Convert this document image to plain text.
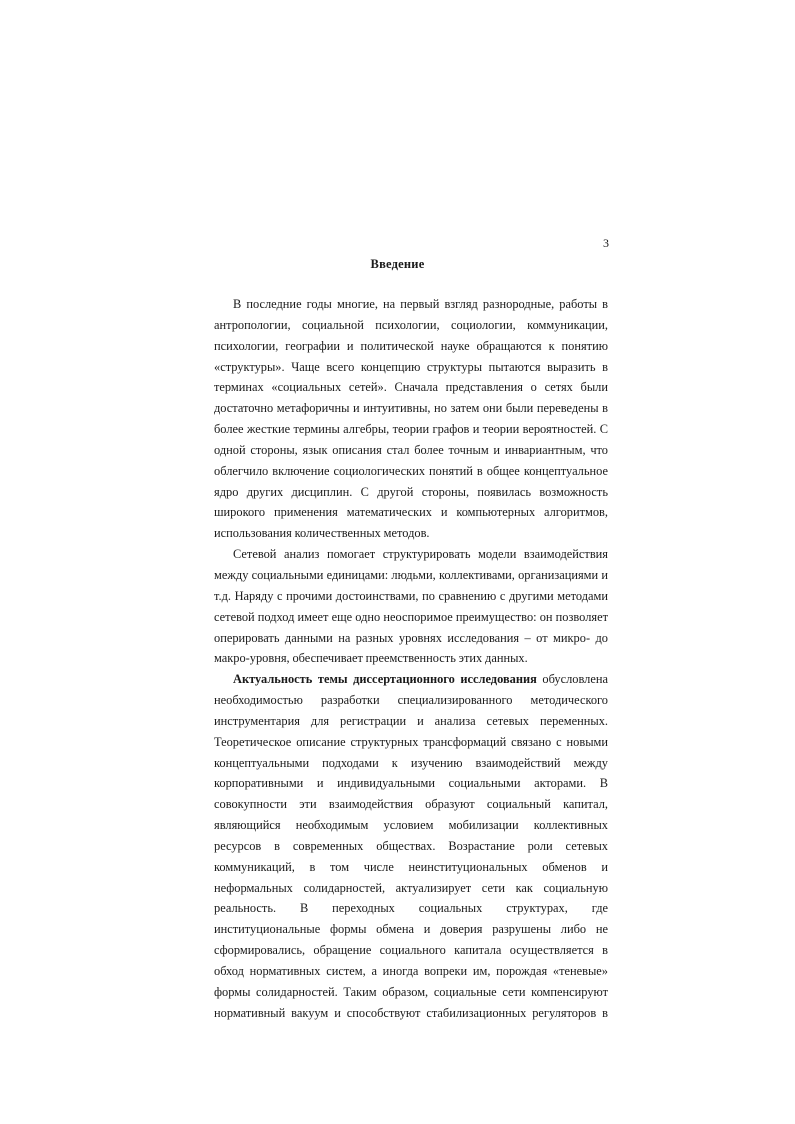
3
Введение

В последние годы многие, на первый взгляд разнородные, работы в антропологии, социальной психологии, социологии, коммуникации, психологии, географии и политической науке обращаются к понятию «структуры». Чаще всего концепцию структуры пытаются выразить в терминах «социальных сетей». Сначала представления о сетях были достаточно метафоричны и интуитивны, но затем они были переведены в более жесткие термины алгебры, теории графов и теории вероятностей. С одной стороны, язык описания стал более точным и инвариантным, что облегчило включение социологических понятий в общее концептуальное ядро других дисциплин. С другой стороны, появилась возможность широкого применения математических и компьютерных алгоритмов, использования количественных методов.

Сетевой анализ помогает структурировать модели взаимодействия между социальными единицами: людьми, коллективами, организациями и т.д. Наряду с прочими достоинствами, по сравнению с другими методами сетевой подход имеет еще одно неоспоримое преимущество: он позволяет оперировать данными на разных уровнях исследования – от микро- до макро-уровня, обеспечивает преемственность этих данных.

Актуальность темы диссертационного исследования обусловлена необходимостью разработки специализированного методического инструментария для регистрации и анализа сетевых переменных. Теоретическое описание структурных трансформаций связано с новыми концептуальными подходами к изучению взаимодействий между корпоративными и индивидуальными социальными акторами. В совокупности эти взаимодействия образуют социальный капитал, являющийся необходимым условием мобилизации коллективных ресурсов в современных обществах. Возрастание роли сетевых коммуникаций, в том числе неинституциональных обменов и неформальных солидарностей, актуализирует сети как социальную реальность. В переходных социальных структурах, где институциональные формы обмена и доверия разрушены либо не сформировались, обращение социального капитала осуществляется в обход нормативных систем, а иногда вопреки им, порождая «теневые» формы солидарностей. Таким образом, социальные сети компенсируют нормативный вакуум и способствуют стабилизационных регуляторов в
